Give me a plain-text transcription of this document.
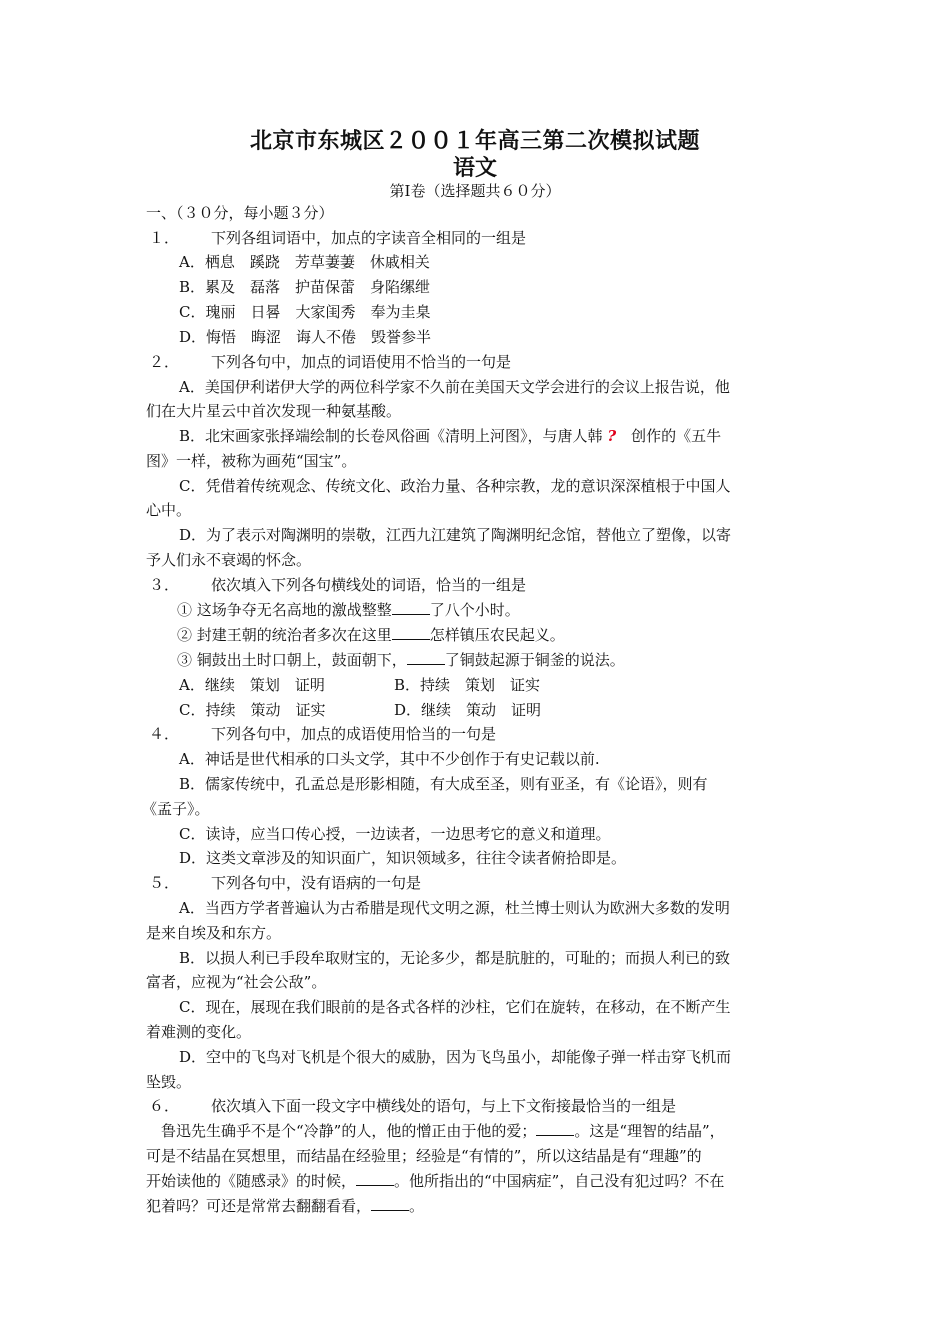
北京市东城区２００１年高三第二次模拟试题
语文
第Ⅰ卷（选择题共６０分）
一、（３０分，每小题３分）
１． 下列各组词语中，加点的字读音全相同的一组是
A．栖息　蹊跷　芳草萋萋　休戚相关
B．累及　磊落　护苗保蕾　身陷缧绁
C．瑰丽　日晷　大家闺秀　奉为圭臬
D．悔悟　晦涩　诲人不倦　毁誉参半
２． 下列各句中，加点的词语使用不恰当的一句是
A．美国伊利诺伊大学的两位科学家不久前在美国天文学会进行的会议上报告说，他
们在大片星云中首次发现一种氨基酸。
B．北宋画家张择端绘制的长卷风俗画《清明上河图》，与唐人韩 ?　 创作的《五牛
图》一样，被称为画苑“国宝”。
C．凭借着传统观念、传统文化、政治力量、各种宗教，龙的意识深深植根于中国人
心中。
D．为了表示对陶渊明的崇敬，江西九江建筑了陶渊明纪念馆，替他立了塑像，以寄
予人们永不衰竭的怀念。
３． 依次填入下列各句横线处的词语，恰当的一组是
① 这场争夺无名高地的激战整整	了八个小时。
② 封建王朝的统治者多次在这里	怎样镇压农民起义。
③ 铜鼓出土时口朝上，鼓面朝下，	了铜鼓起源于铜釜的说法。
A．继续　策划　证明	B．持续　策划　证实
C．持续　策动　证实	D．继续　策动　证明
４． 下列各句中，加点的成语使用恰当的一句是
A．神话是世代相承的口头文学，其中不少创作于有史记载以前.
B．儒家传统中，孔孟总是形影相随，有大成至圣，则有亚圣，有《论语》，则有
《孟子》。
C．读诗，应当口传心授，一边读者，一边思考它的意义和道理。
D．这类文章涉及的知识面广，知识领域多，往往令读者俯拾即是。
５． 下列各句中，没有语病的一句是
A．当西方学者普遍认为古希腊是现代文明之源，杜兰博士则认为欧洲大多数的发明
是来自埃及和东方。
B．以损人利已手段牟取财宝的，无论多少，都是肮脏的，可耻的；而损人利已的致
富者，应视为“社会公敌”。
C．现在，展现在我们眼前的是各式各样的沙柱，它们在旋转，在移动，在不断产生
着难测的变化。
D．空中的飞鸟对飞机是个很大的威胁，因为飞鸟虽小，却能像子弹一样击穿飞机而
坠毁。
６． 依次填入下面一段文字中横线处的语句，与上下文衔接最恰当的一组是
鲁迅先生确乎不是个“冷静”的人，他的憎正由于他的爱；	。这是“理智的结晶”，
可是不结晶在冥想里，而结晶在经验里；经验是“有情的”，所以这结晶是有“理趣”的
开始读他的《随感录》的时候，	。他所指出的“中国病症”，自己没有犯过吗？不在
犯着吗？可还是常常去翻翻看看，	。
